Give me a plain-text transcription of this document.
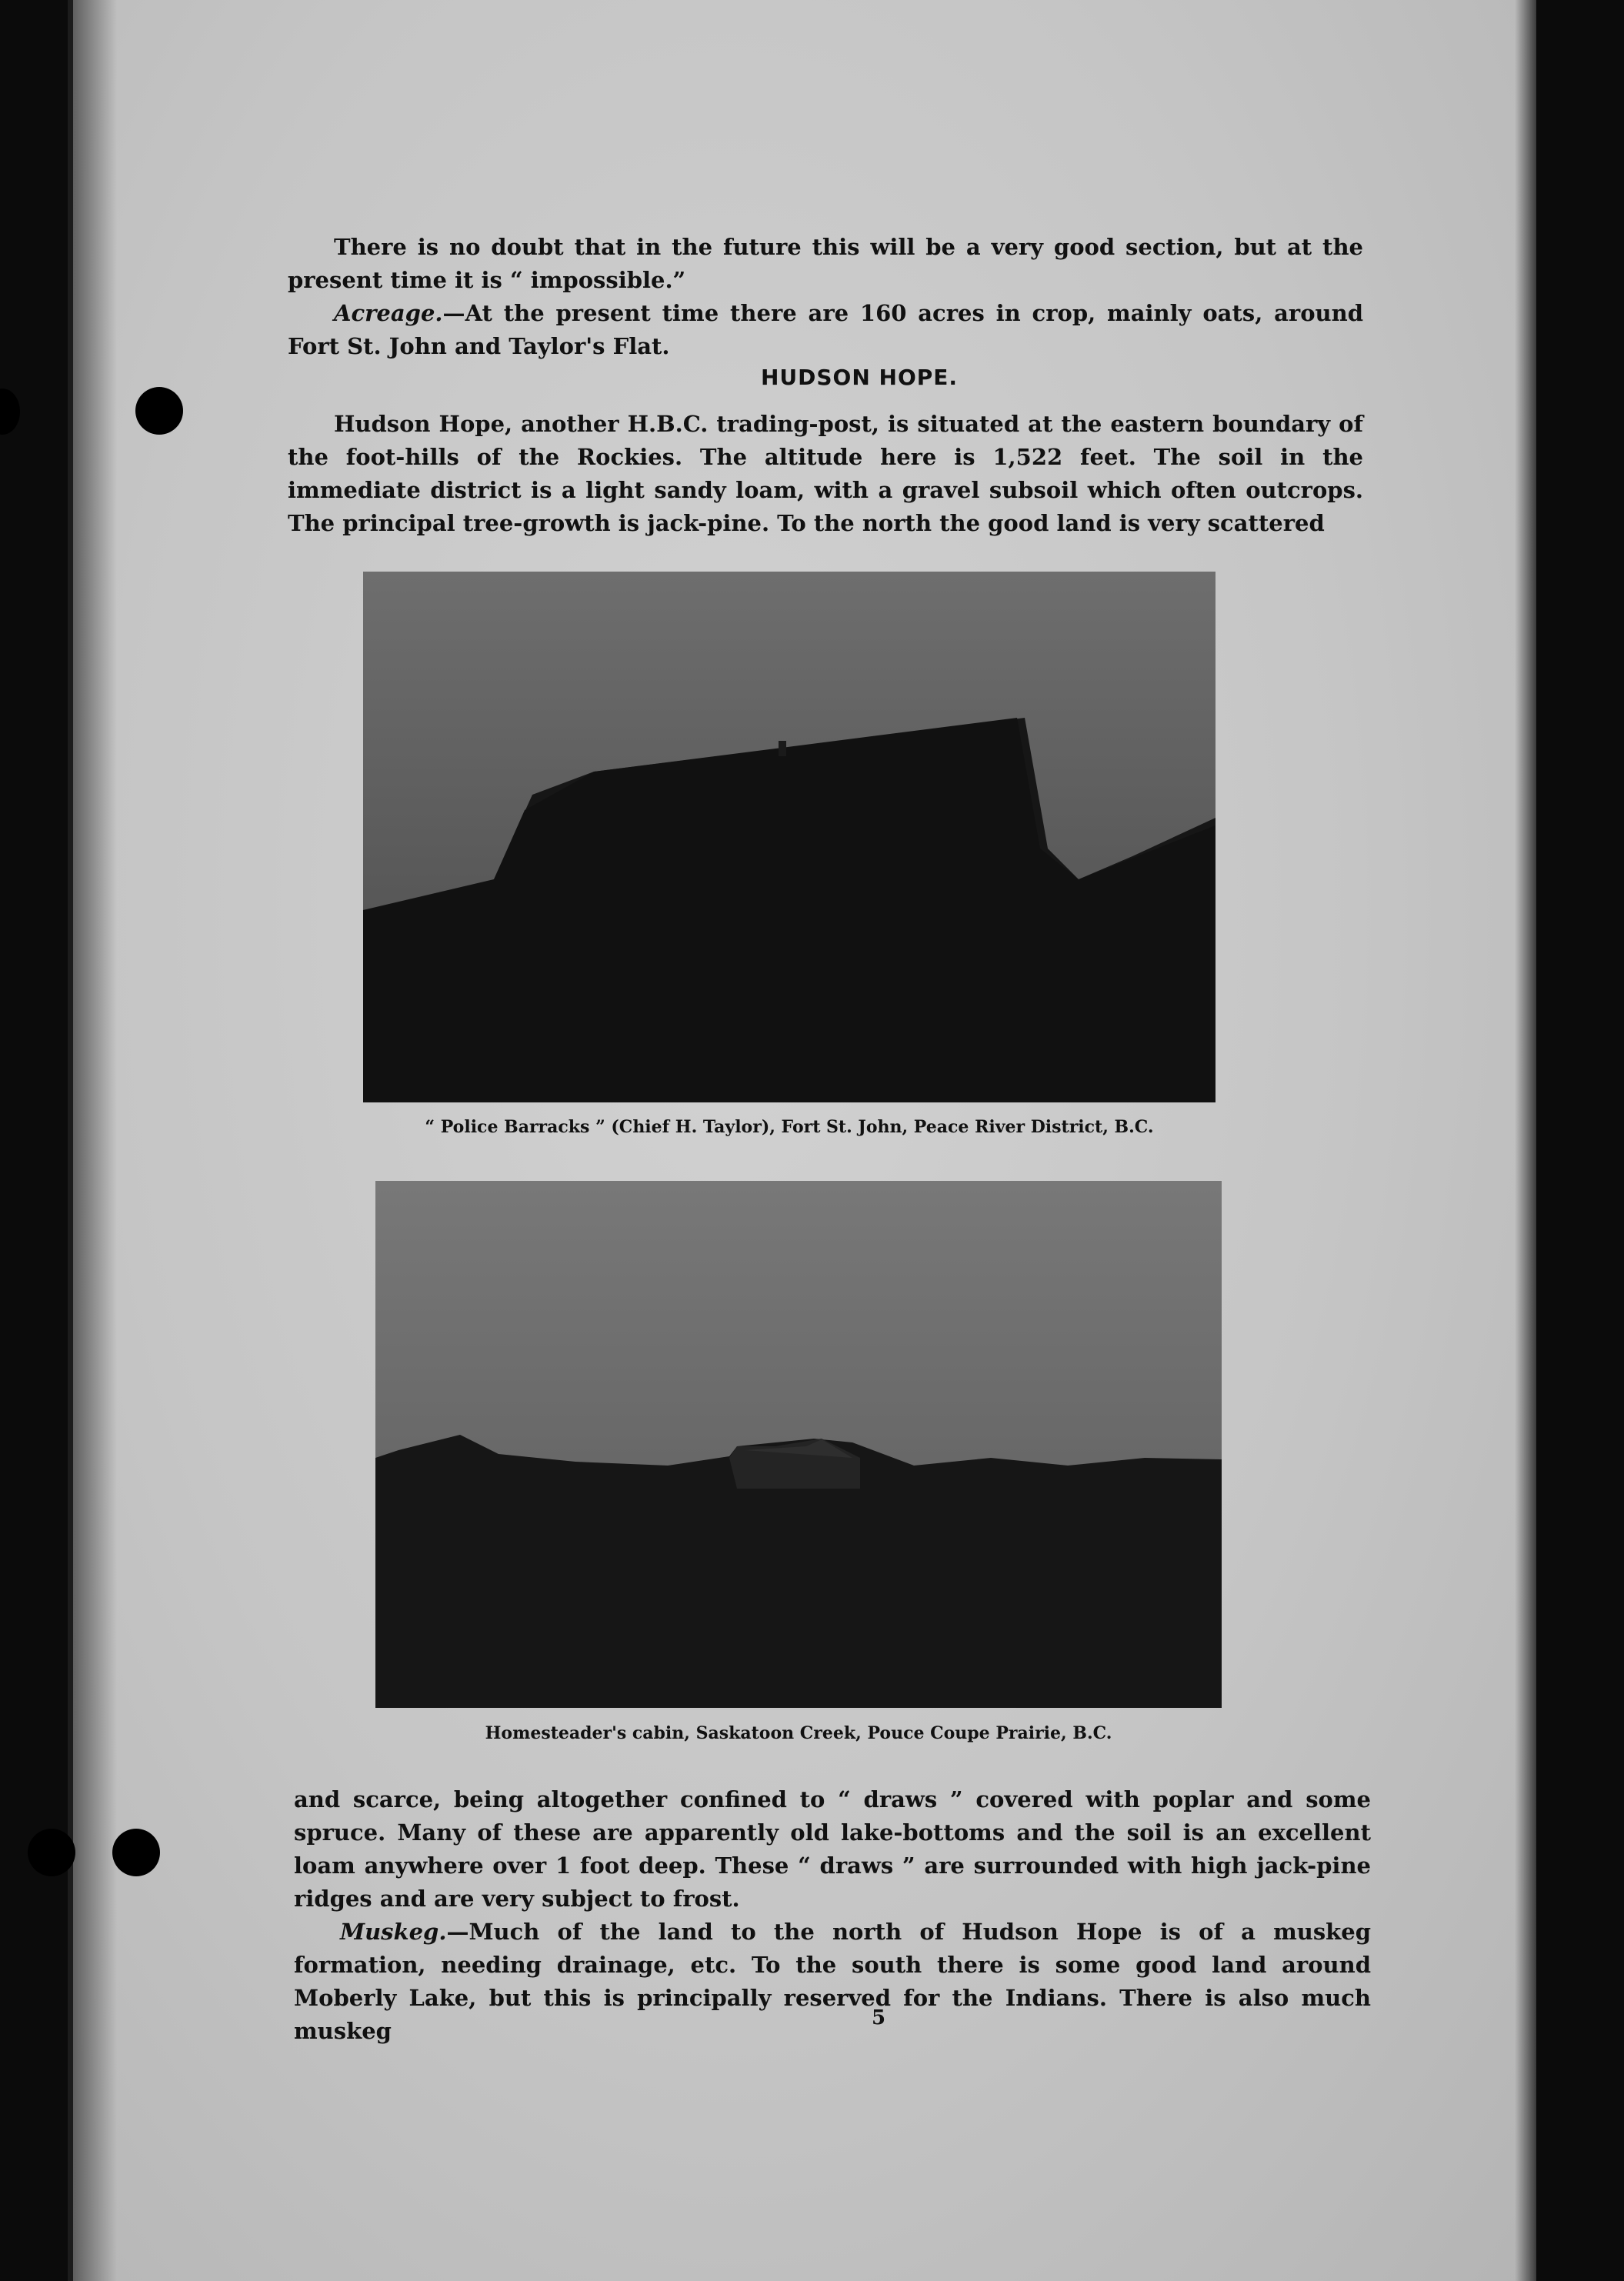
There is no doubt that in the future this will be a very good section, but at the present time it is “ impossible.”

Acreage.—At the present time there are 160 acres in crop, mainly oats, around Fort St. John and Taylor's Flat.

HUDSON HOPE.

Hudson Hope, another H.B.C. trading-post, is situated at the eastern boundary of the foot-hills of the Rockies. The altitude here is 1,522 feet. The soil in the immediate district is a light sandy loam, with a gravel subsoil which often outcrops. The principal tree-growth is jack-pine. To the north the good land is very scattered

“ Police Barracks ” (Chief H. Taylor), Fort St. John, Peace River District, B.C.
Homesteader's cabin, Saskatoon Creek, Pouce Coupe Prairie, B.C.

and scarce, being altogether confined to “ draws ” covered with poplar and some spruce. Many of these are apparently old lake-bottoms and the soil is an excellent loam anywhere over 1 foot deep. These “ draws ” are surrounded with high jack-pine ridges and are very subject to frost.

Muskeg.—Much of the land to the north of Hudson Hope is of a muskeg formation, needing drainage, etc. To the south there is some good land around Moberly Lake, but this is principally reserved for the Indians. There is also much muskeg	5
